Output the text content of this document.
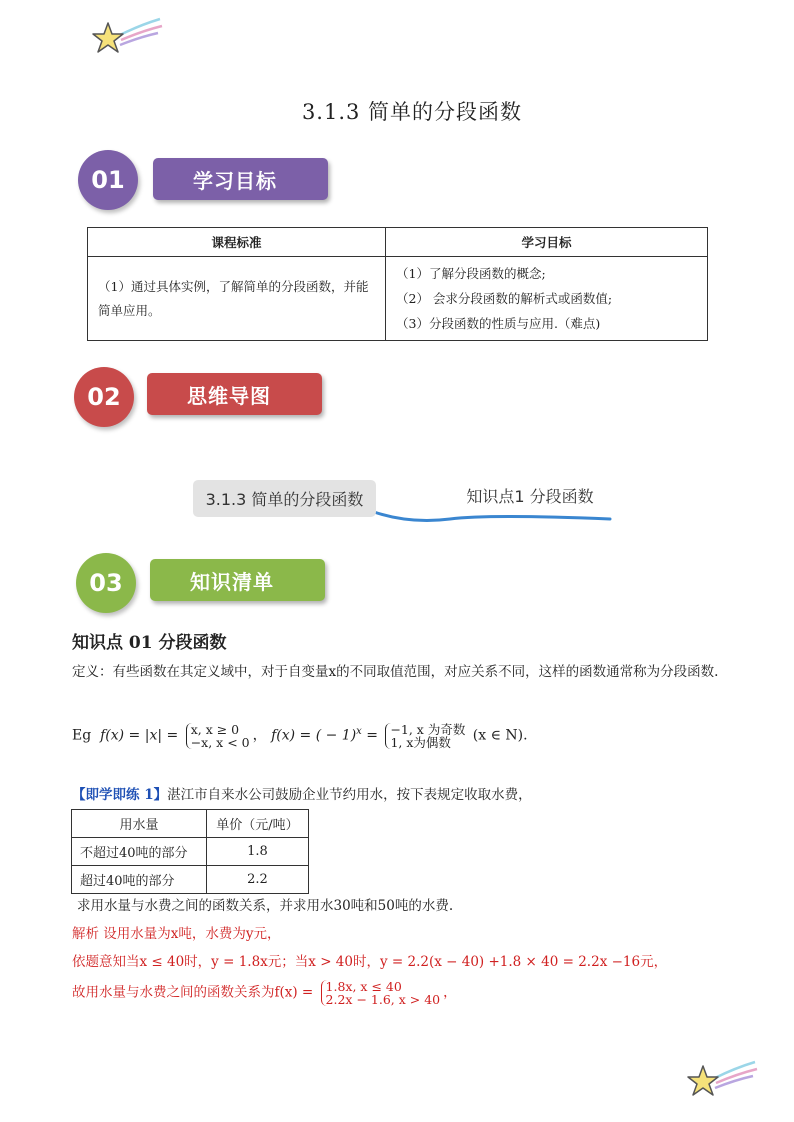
3.1.3 简单的分段函数
学习目标
01
课程标准	学习目标
（1）通过具体实例，了解简单的分段函数，并能简单应用。	（1）了解分段函数的概念;
（2） 会求分段函数的解析式或函数值;
（3）分段函数的性质与应用.（难点)
思维导图
02
3.1.3 简单的分段函数	知识点1 分段函数
知识清单
03
知识点 01 分段函数
定义：有些函数在其定义域中，对于自变量x的不同取值范围，对应关系不同，这样的函数通常称为分段函数.
Eg f(x) = |x| = x, x ≥ 0
−x, x < 0 ， f(x) = ( − 1)$^x$ = −1, x 为奇数
1, x为偶数	(x ∈ N).
【即学即练 1】湛江市自来水公司鼓励企业节约用水，按下表规定收取水费，
用水量	单价（元/吨）
不超过40吨的部分	1.8
超过40吨的部分	2.2
求用水量与水费之间的函数关系，并求用水30吨和50吨的水费.
解析 设用水量为x吨，水费为y元，
依题意知当x ≤ 40时，y = 1.8x元；当x > 40时，y = 2.2(x − 40) +1.8 × 40 = 2.2x −16元，
故用水量与水费之间的函数关系为f(x) = 1.8x, x ≤ 40
2.2x − 1.6, x > 40 ，
